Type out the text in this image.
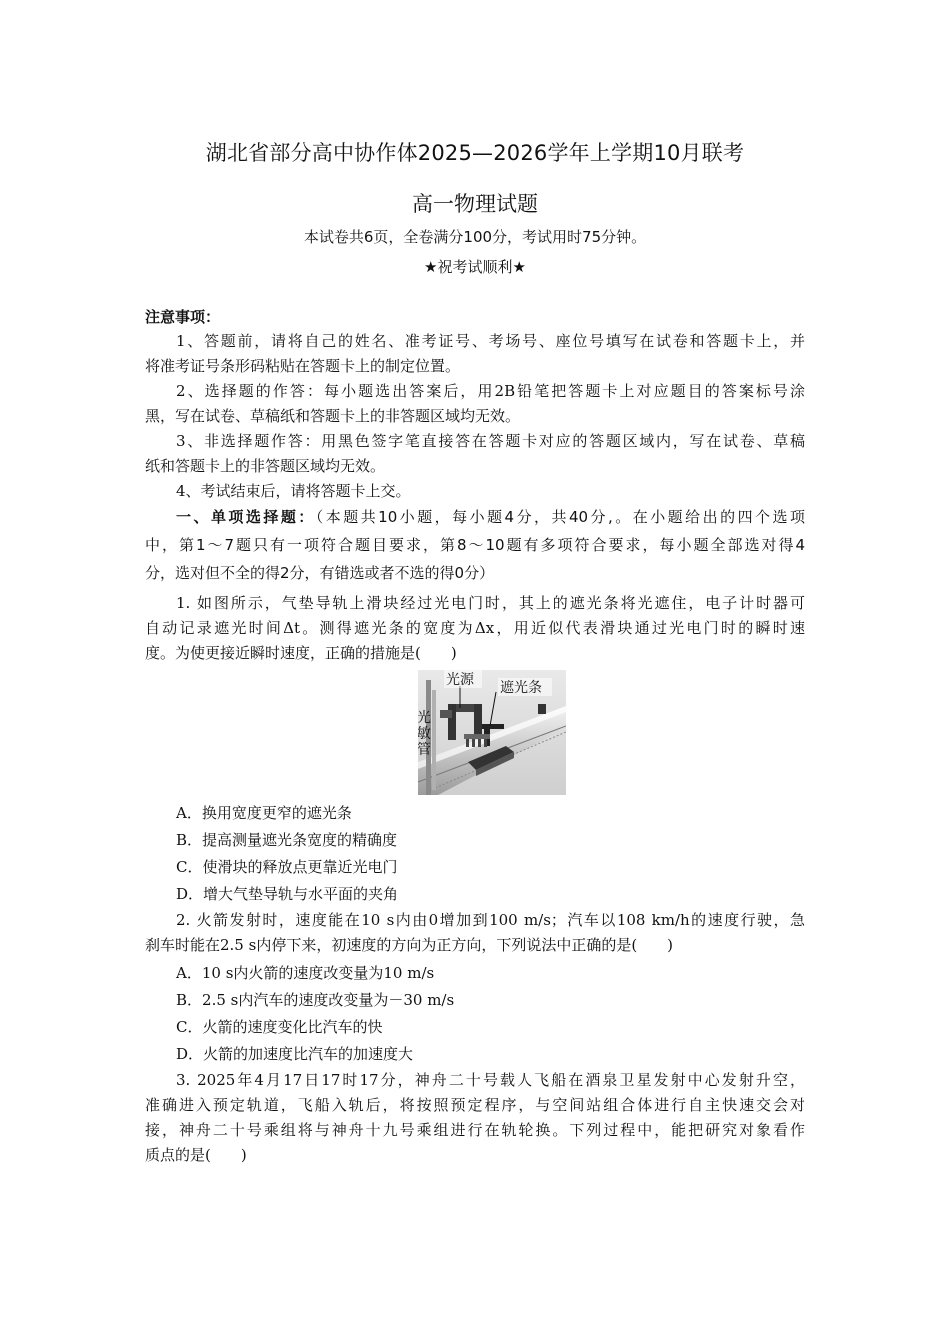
湖北省部分高中协作体2025—2026学年上学期10月联考
高一物理试题
本试卷共6页，全卷满分100分，考试用时75分钟。
★祝考试顺利★
注意事项：
1、答题前，请将自己的姓名、准考证号、考场号、座位号填写在试卷和答题卡上，并
将准考证号条形码粘贴在答题卡上的制定位置。
2、选择题的作答：每小题选出答案后，用2B铅笔把答题卡上对应题目的答案标号涂
黑，写在试卷、草稿纸和答题卡上的非答题区域均无效。
3、非选择题作答：用黑色签字笔直接答在答题卡对应的答题区域内，写在试卷、草稿
纸和答题卡上的非答题区域均无效。
4、考试结束后，请将答题卡上交。
一、单项选择题：（本题共10小题，每小题4分，共40分,。在小题给出的四个选项
中，第1～7题只有一项符合题目要求，第8～10题有多项符合要求，每小题全部选对得4
分，选对但不全的得2分，有错选或者不选的得0分）
1. 如图所示，气垫导轨上滑块经过光电门时，其上的遮光条将光遮住，电子计时器可
自动记录遮光时间Δt。测得遮光条的宽度为Δx，用近似代表滑块通过光电门时的瞬时速
度。为使更接近瞬时速度，正确的措施是(　　)
光源 遮光条
光
敏
管
A．换用宽度更窄的遮光条
B．提高测量遮光条宽度的精确度
C．使滑块的释放点更靠近光电门
D．增大气垫导轨与水平面的夹角
2. 火箭发射时，速度能在10 s内由0增加到100 m/s；汽车以108 km/h的速度行驶，急
刹车时能在2.5 s内停下来，初速度的方向为正方向，下列说法中正确的是(　　)
A．10 s内火箭的速度改变量为10 m/s
B．2.5 s内汽车的速度改变量为－30 m/s
C．火箭的速度变化比汽车的快
D．火箭的加速度比汽车的加速度大
3. 2025年4月17日17时17分，神舟二十号载人飞船在酒泉卫星发射中心发射升空，
准确进入预定轨道，飞船入轨后，将按照预定程序，与空间站组合体进行自主快速交会对
接，神舟二十号乘组将与神舟十九号乘组进行在轨轮换。下列过程中，能把研究对象看作
质点的是(　　)
